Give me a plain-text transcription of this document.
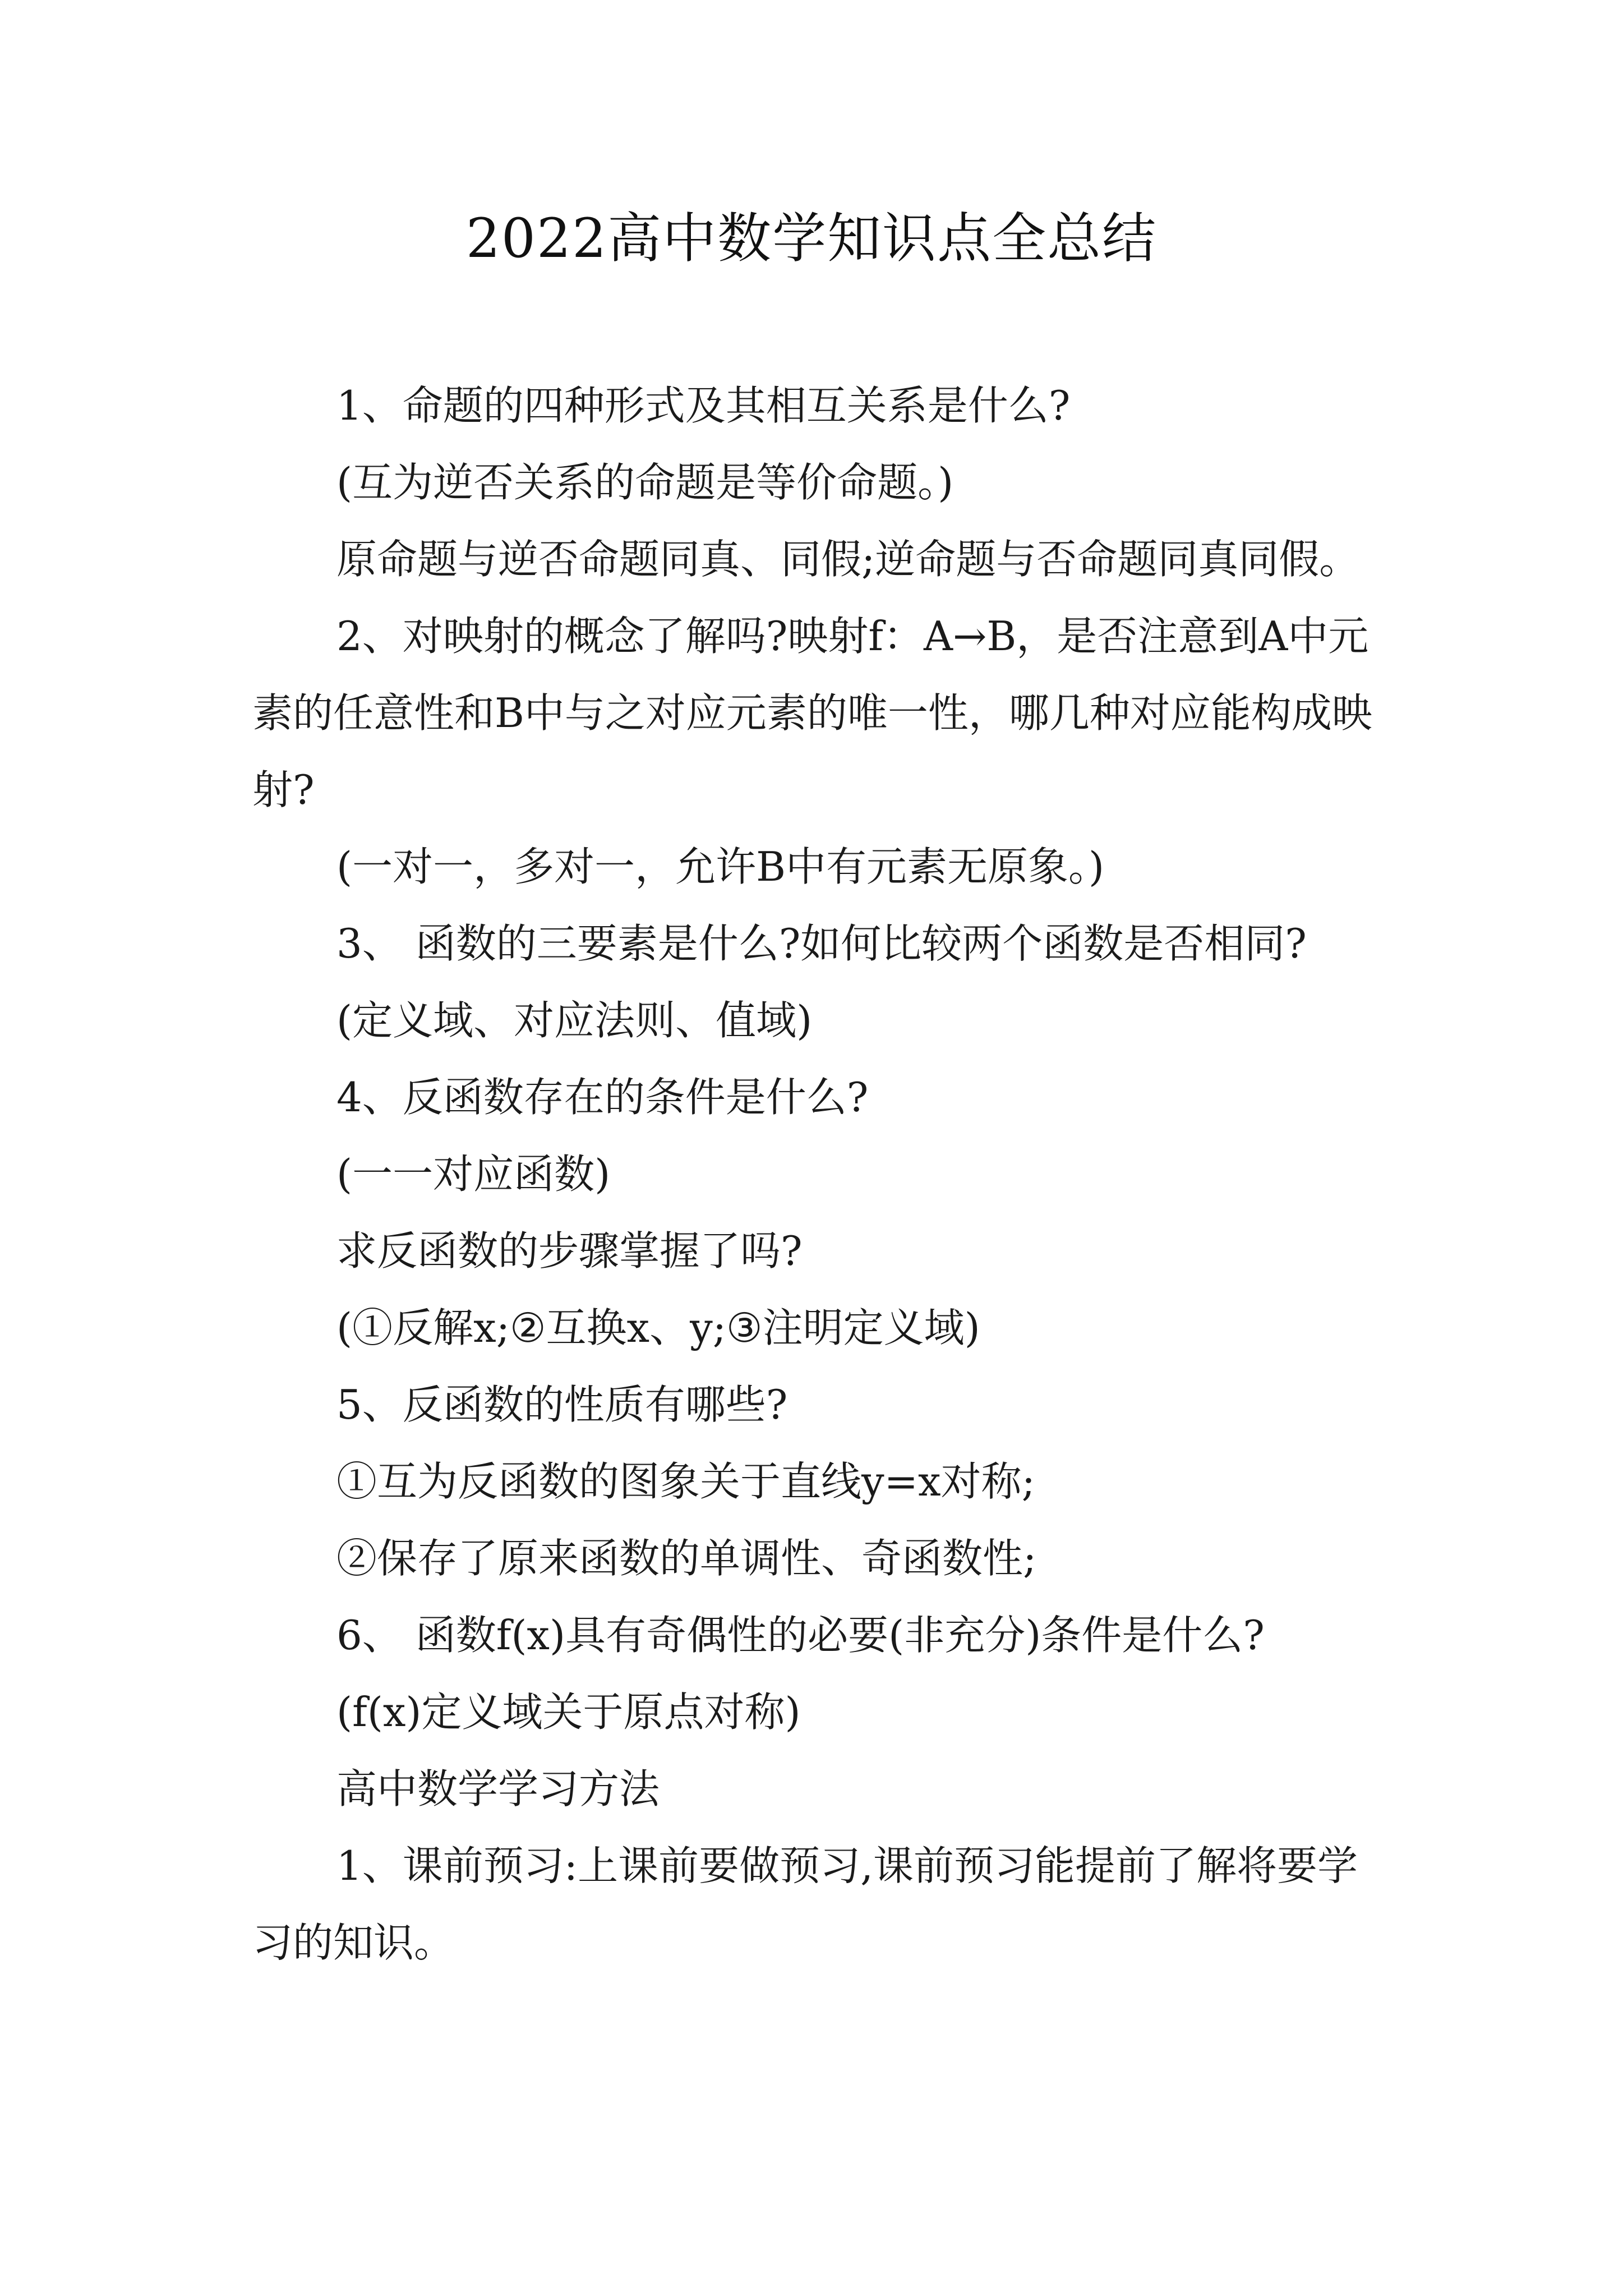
2022高中数学知识点全总结

1、命题的四种形式及其相互关系是什么?

(互为逆否关系的命题是等价命题。)

原命题与逆否命题同真、同假;逆命题与否命题同真同假。

2、对映射的概念了解吗?映射f：A→B，是否注意到A中元素的任意性和B中与之对应元素的唯一性，哪几种对应能构成映射?

(一对一，多对一，允许B中有元素无原象。)

3、 函数的三要素是什么?如何比较两个函数是否相同?

(定义域、对应法则、值域)

4、反函数存在的条件是什么?

(一一对应函数)

求反函数的步骤掌握了吗?

(①反解x;②互换x、y;③注明定义域)

5、反函数的性质有哪些?

①互为反函数的图象关于直线y=x对称;

②保存了原来函数的单调性、奇函数性;

6、 函数f(x)具有奇偶性的必要(非充分)条件是什么?

(f(x)定义域关于原点对称)

高中数学学习方法

1、课前预习:上课前要做预习,课前预习能提前了解将要学习的知识。
